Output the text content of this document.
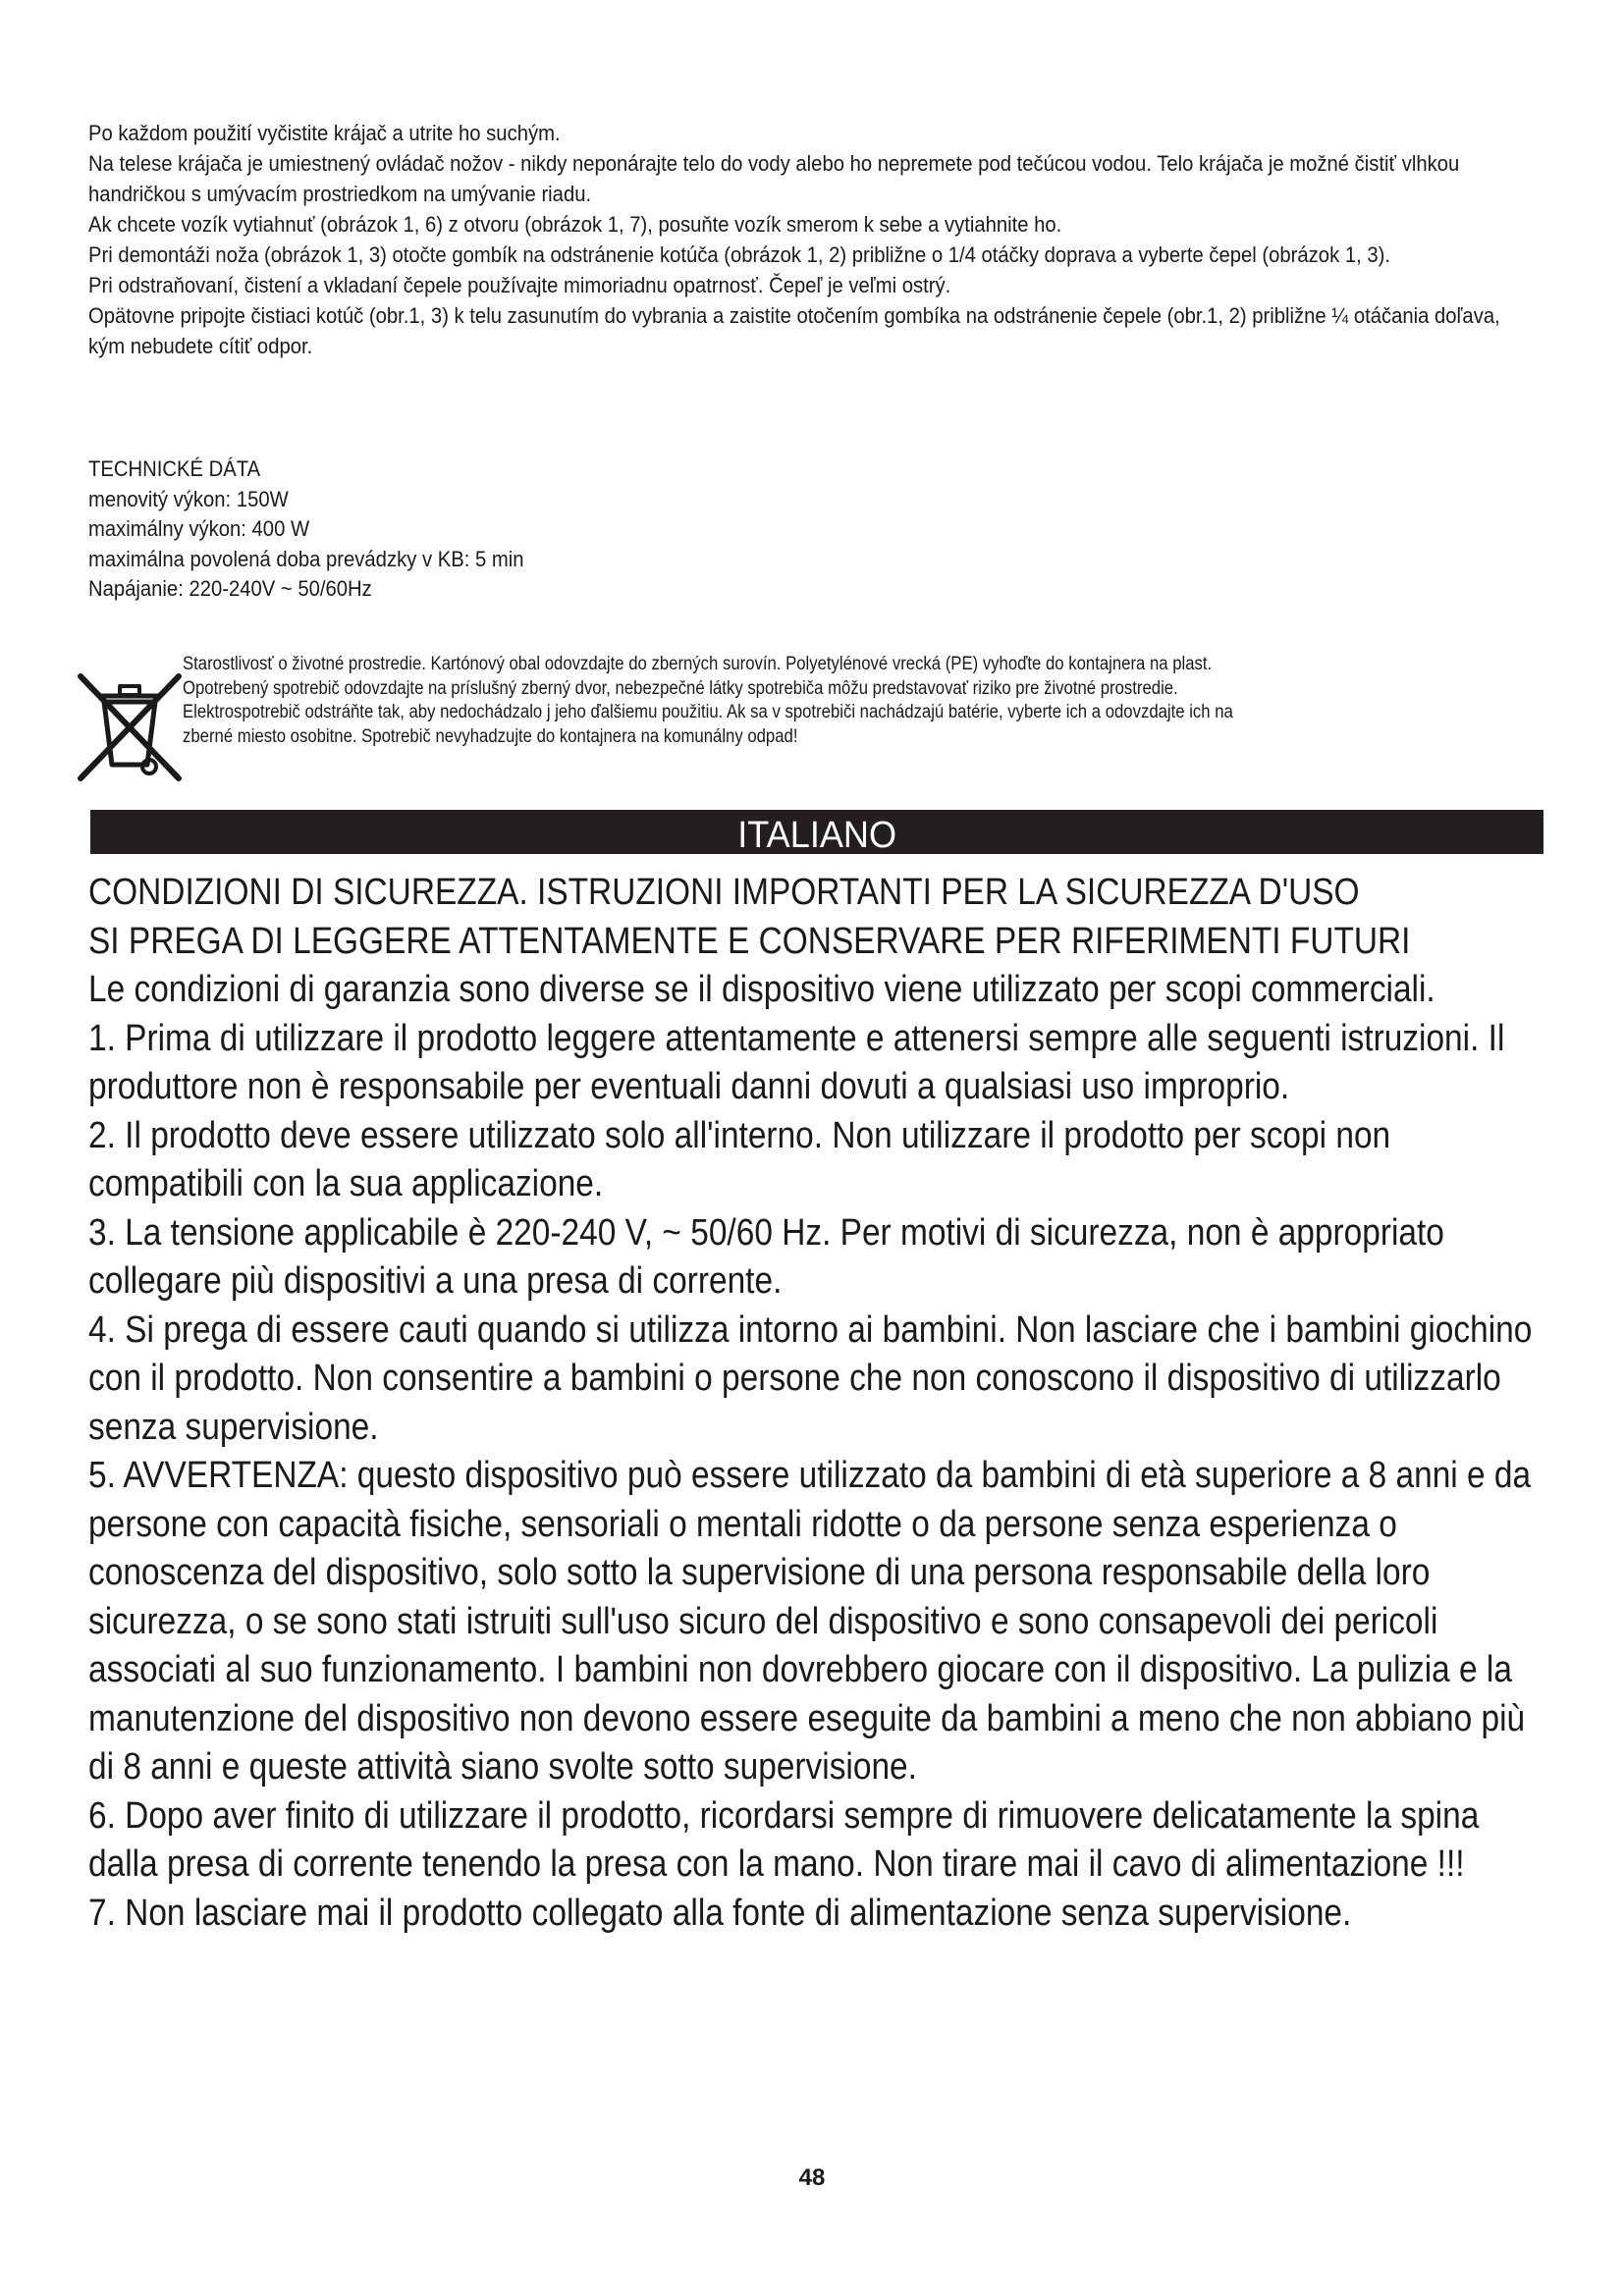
Po každom použití vyčistite krájač a utrite ho suchým.

Na telese krájača je umiestnený ovládač nožov - nikdy neponárajte telo do vody alebo ho nepremete pod tečúcou vodou. Telo krájača je možné čistiť vlhkou handričkou s umývacím prostriedkom na umývanie riadu.

Ak chcete vozík vytiahnuť (obrázok 1, 6) z otvoru (obrázok 1, 7), posuňte vozík smerom k sebe a vytiahnite ho.

Pri demontáži noža (obrázok 1, 3) otočte gombík na odstránenie kotúča (obrázok 1, 2) približne o 1/4 otáčky doprava a vyberte čepel (obrázok 1, 3).

Pri odstraňovaní, čistení a vkladaní čepele používajte mimoriadnu opatrnosť. Čepeľ je veľmi ostrý.

Opätovne pripojte čistiaci kotúč (obr.1, 3) k telu zasunutím do vybrania a zaistite otočením gombíka na odstránenie čepele (obr.1, 2) približne ¼ otáčania doľava, kým nebudete cítiť odpor.

TECHNICKÉ DÁTA

menovitý výkon: 150W

maximálny výkon: 400 W

maximálna povolená doba prevádzky v KB: 5 min

Napájanie: 220-240V ~ 50/60Hz

Starostlivosť o životné prostredie. Kartónový obal odovzdajte do zberných surovín. Polyetylénové vrecká (PE) vyhoďte do kontajnera na plast.

Opotrebený spotrebič odovzdajte na príslušný zberný dvor, nebezpečné látky spotrebiča môžu predstavovať riziko pre životné prostredie.

Elektrospotrebič odstráňte tak, aby nedochádzalo j jeho ďalšiemu použitiu. Ak sa v spotrebiči nachádzajú batérie, vyberte ich a odovzdajte ich na

zberné miesto osobitne. Spotrebič nevyhadzujte do kontajnera na komunálny odpad!

ITALIANO

CONDIZIONI DI SICUREZZA. ISTRUZIONI IMPORTANTI PER LA SICUREZZA D'USO

SI PREGA DI LEGGERE ATTENTAMENTE E CONSERVARE PER RIFERIMENTI FUTURI

Le condizioni di garanzia sono diverse se il dispositivo viene utilizzato per scopi commerciali.

1. Prima di utilizzare il prodotto leggere attentamente e attenersi sempre alle seguenti istruzioni. Il produttore non è responsabile per eventuali danni dovuti a qualsiasi uso improprio.

2. Il prodotto deve essere utilizzato solo all'interno. Non utilizzare il prodotto per scopi non compatibili con la sua applicazione.

3. La tensione applicabile è 220-240 V, ~ 50/60 Hz. Per motivi di sicurezza, non è appropriato collegare più dispositivi a una presa di corrente.

4. Si prega di essere cauti quando si utilizza intorno ai bambini. Non lasciare che i bambini giochino con il prodotto. Non consentire a bambini o persone che non conoscono il dispositivo di utilizzarlo senza supervisione.

5. AVVERTENZA: questo dispositivo può essere utilizzato da bambini di età superiore a 8 anni e da persone con capacità fisiche, sensoriali o mentali ridotte o da persone senza esperienza o conoscenza del dispositivo, solo sotto la supervisione di una persona responsabile della loro sicurezza, o se sono stati istruiti sull'uso sicuro del dispositivo e sono consapevoli dei pericoli associati al suo funzionamento. I bambini non dovrebbero giocare con il dispositivo. La pulizia e la manutenzione del dispositivo non devono essere eseguite da bambini a meno che non abbiano più di 8 anni e queste attività siano svolte sotto supervisione.

6. Dopo aver finito di utilizzare il prodotto, ricordarsi sempre di rimuovere delicatamente la spina dalla presa di corrente tenendo la presa con la mano. Non tirare mai il cavo di alimentazione !!!

7. Non lasciare mai il prodotto collegato alla fonte di alimentazione senza supervisione.

48
